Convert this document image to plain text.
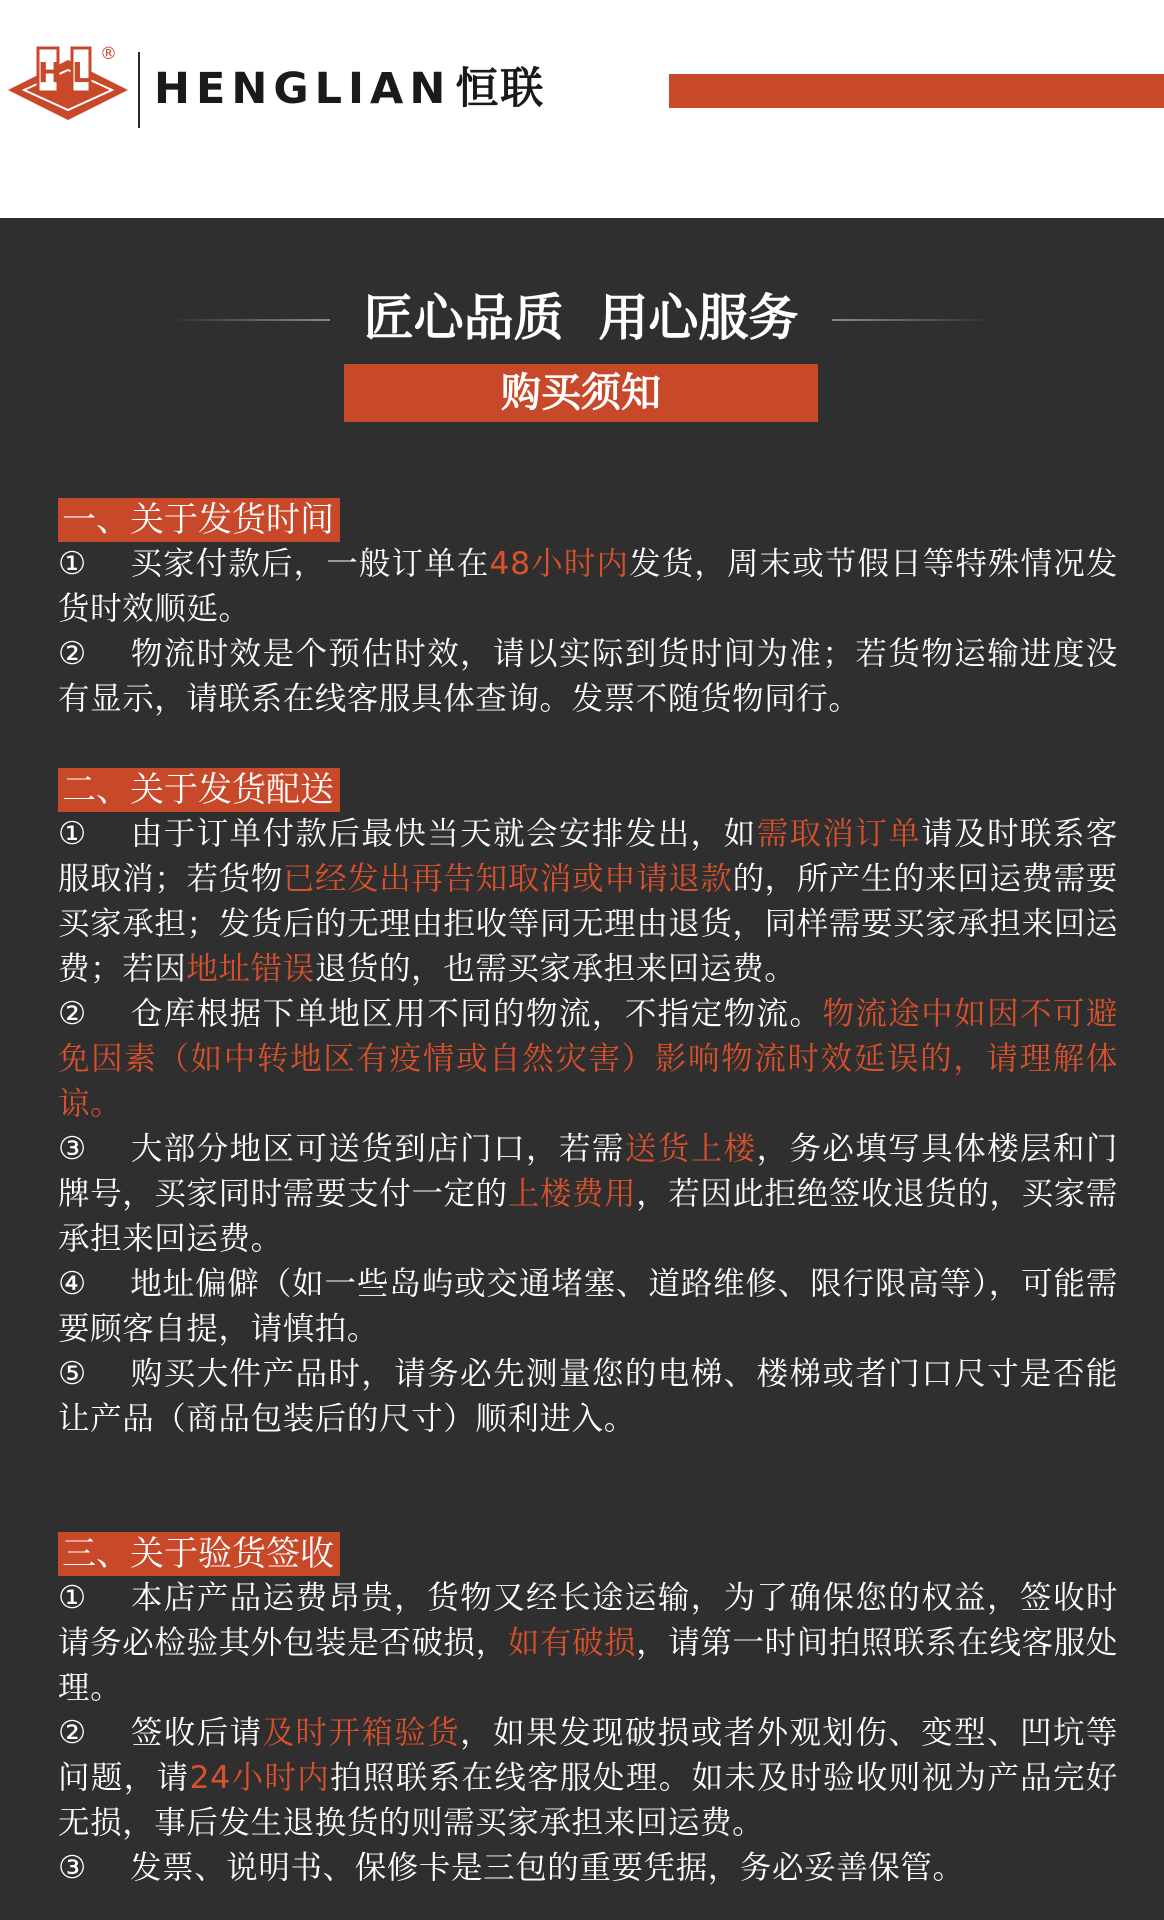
H.L
®
HENGLIAN恒联
匠心品质  用心服务
购买须知
一、关于发货时间

① 买家付款后，一般订单在48小时内发货，周末或节假日等特殊情况发货时效顺延。

② 物流时效是个预估时效，请以实际到货时间为准；若货物运输进度没有显示，请联系在线客服具体查询。发票不随货物同行。

二、关于发货配送

① 由于订单付款后最快当天就会安排发出，如需取消订单请及时联系客服取消；若货物已经发出再告知取消或申请退款的，所产生的来回运费需要买家承担；发货后的无理由拒收等同无理由退货，同样需要买家承担来回运费；若因地址错误退货的，也需买家承担来回运费。

② 仓库根据下单地区用不同的物流，不指定物流。物流途中如因不可避免因素（如中转地区有疫情或自然灾害）影响物流时效延误的，请理解体谅。

③ 大部分地区可送货到店门口，若需送货上楼，务必填写具体楼层和门牌号，买家同时需要支付一定的上楼费用，若因此拒绝签收退货的，买家需承担来回运费。

④ 地址偏僻（如一些岛屿或交通堵塞、道路维修、限行限高等），可能需要顾客自提，请慎拍。

⑤ 购买大件产品时，请务必先测量您的电梯、楼梯或者门口尺寸是否能让产品（商品包装后的尺寸）顺利进入。

三、关于验货签收

① 本店产品运费昂贵，货物又经长途运输，为了确保您的权益，签收时请务必检验其外包装是否破损，如有破损，请第一时间拍照联系在线客服处理。

② 签收后请及时开箱验货，如果发现破损或者外观划伤、变型、凹坑等问题，请24小时内拍照联系在线客服处理。如未及时验收则视为产品完好无损，事后发生退换货的则需买家承担来回运费。

③ 发票、说明书、保修卡是三包的重要凭据，务必妥善保管。
